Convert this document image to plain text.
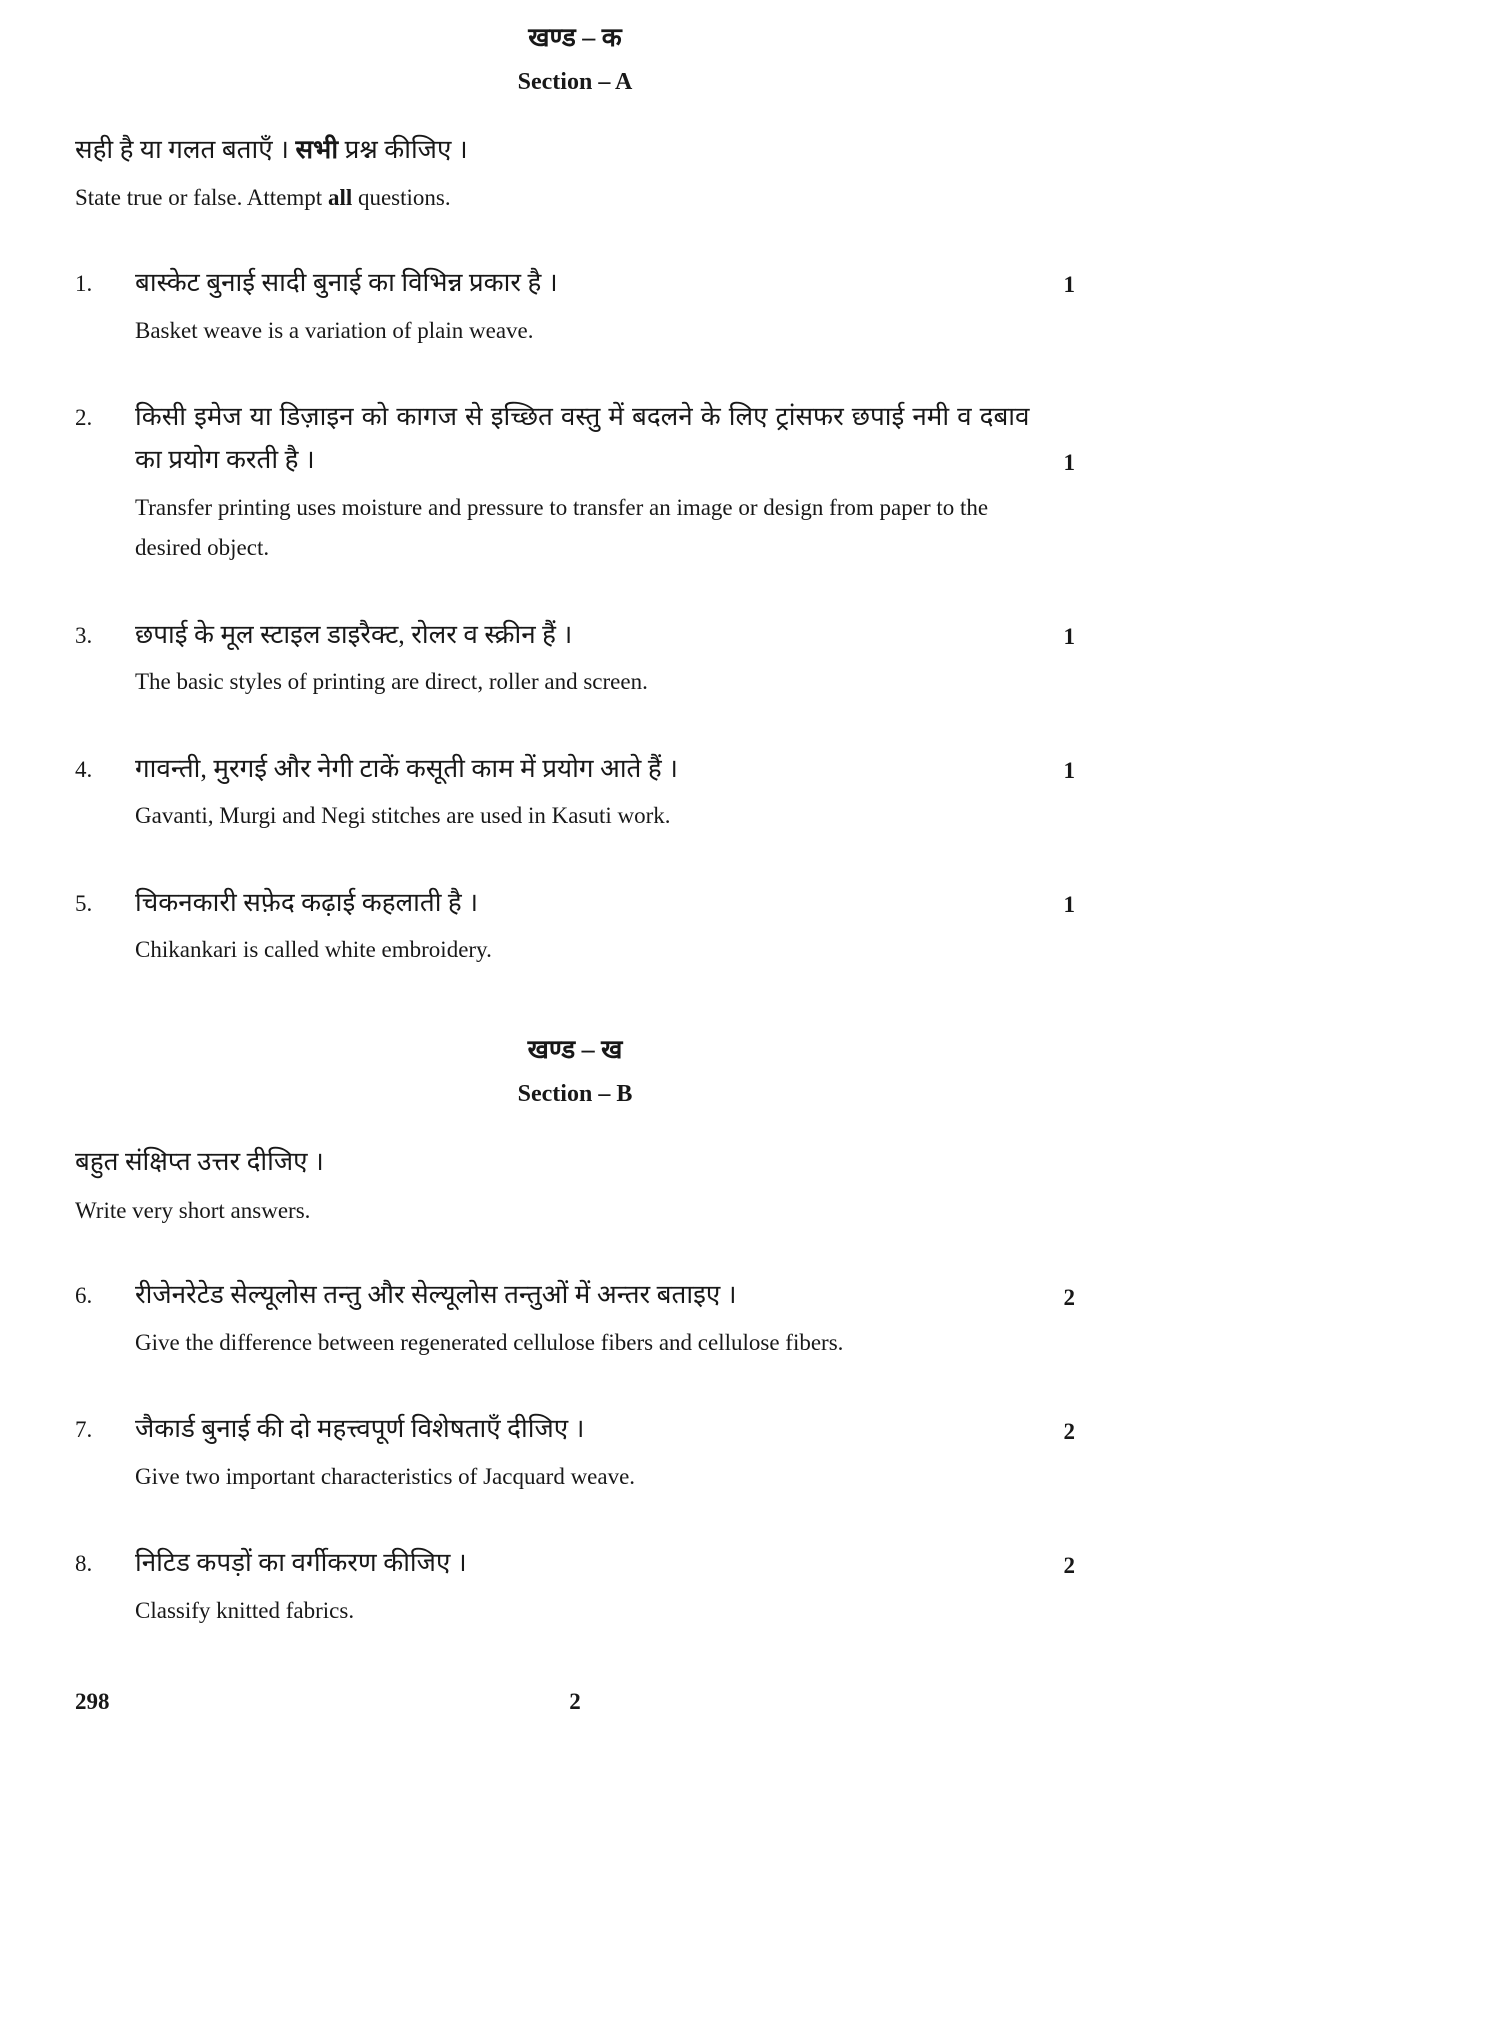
खण्ड – क
Section – A
सही है या गलत बताएँ । सभी प्रश्न कीजिए ।
State true or false. Attempt all questions.
1.	बास्केट बुनाई सादी बुनाई का विभिन्न प्रकार है ।	1
Basket weave is a variation of plain weave.
2.	किसी इमेज या डिज़ाइन को कागज से इच्छित वस्तु में बदलने के लिए ट्रांसफर छपाई नमी व दबाव का प्रयोग करती है ।	1
Transfer printing uses moisture and pressure to transfer an image or design from paper to the desired object.
3.	छपाई के मूल स्टाइल डाइरैक्ट, रोलर व स्क्रीन हैं ।	1
The basic styles of printing are direct, roller and screen.
4.	गावन्ती, मुरगई और नेगी टाकें कसूती काम में प्रयोग आते हैं ।	1
Gavanti, Murgi and Negi stitches are used in Kasuti work.
5.	चिकनकारी सफ़ेद कढ़ाई कहलाती है ।	1
Chikankari is called white embroidery.
खण्ड – ख
Section – B
बहुत संक्षिप्त उत्तर दीजिए ।
Write very short answers.
6.	रीजेनरेटेड सेल्यूलोस तन्तु और सेल्यूलोस तन्तुओं में अन्तर बताइए ।	2
Give the difference between regenerated cellulose fibers and cellulose fibers.
7.	जैकार्ड बुनाई की दो महत्त्वपूर्ण विशेषताएँ दीजिए ।	2
Give two important characteristics of Jacquard weave.
8.	निटिड कपड़ों का वर्गीकरण कीजिए ।	2
Classify knitted fabrics.
298	2
